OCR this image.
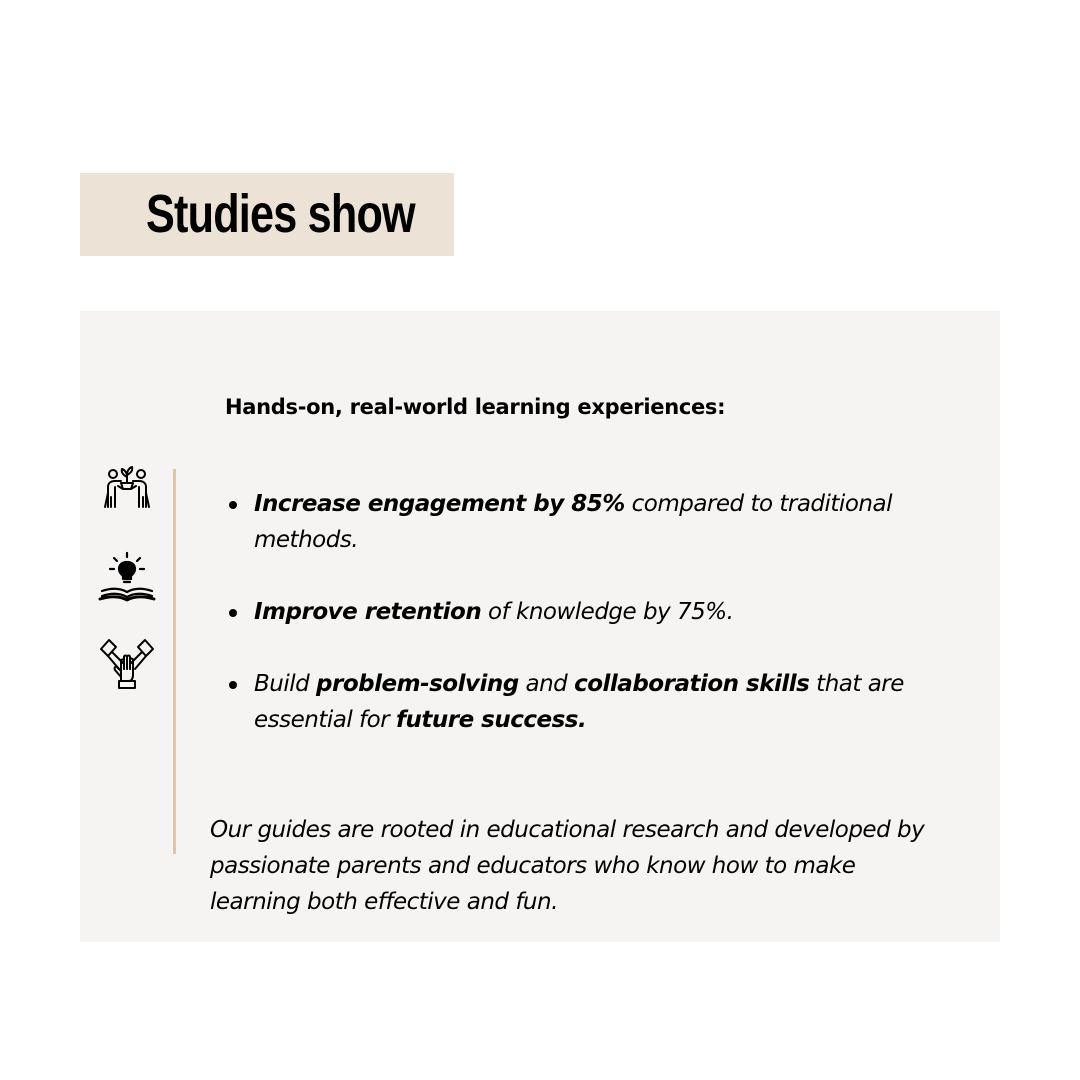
Studies show
Hands-on, real-world learning experiences:
Increase engagement by 85% compared to traditional methods.
Improve retention of knowledge by 75%.
Build problem-solving and collaboration skills that are essential for future success.
Our guides are rooted in educational research and developed by passionate parents and educators who know how to make learning both effective and fun.
